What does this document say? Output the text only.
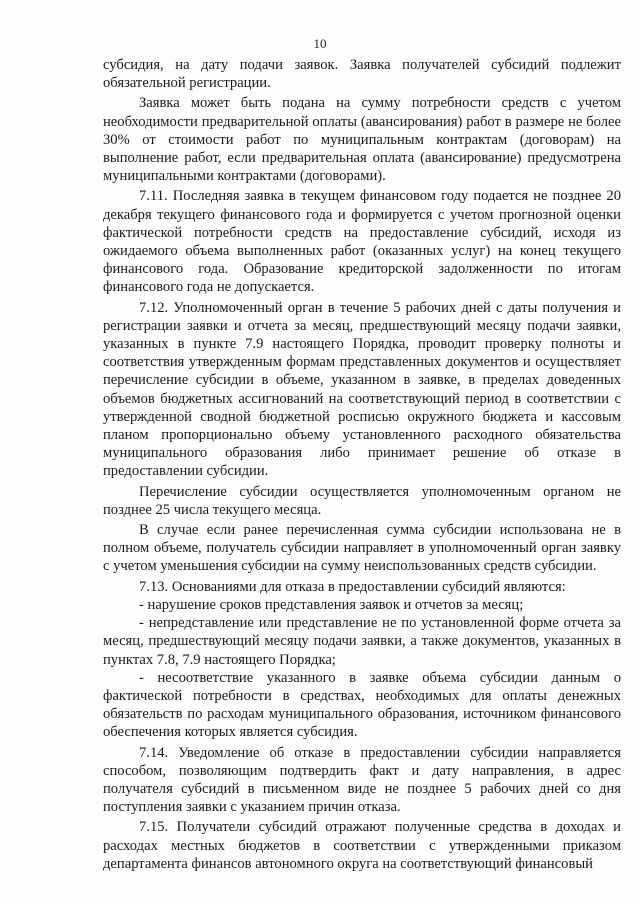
10

субсидия, на дату подачи заявок. Заявка получателей субсидий подлежит обязательной регистрации.

Заявка может быть подана на сумму потребности средств с учетом необходимости предварительной оплаты (авансирования) работ в размере не более 30% от стоимости работ по муниципальным контрактам (договорам) на выполнение работ, если предварительная оплата (авансирование) предусмотрена муниципальными контрактами (договорами).

7.11. Последняя заявка в текущем финансовом году подается не позднее 20 декабря текущего финансового года и формируется с учетом прогнозной оценки фактической потребности средств на предоставление субсидий, исходя из ожидаемого объема выполненных работ (оказанных услуг) на конец текущего финансового года. Образование кредиторской задолженности по итогам финансового года не допускается.

7.12. Уполномоченный орган в течение 5 рабочих дней с даты получения и регистрации заявки и отчета за месяц, предшествующий месяцу подачи заявки, указанных в пункте 7.9 настоящего Порядка, проводит проверку полноты и соответствия утвержденным формам представленных документов и осуществляет перечисление субсидии в объеме, указанном в заявке, в пределах доведенных объемов бюджетных ассигнований на соответствующий период в соответствии с утвержденной сводной бюджетной росписью окружного бюджета и кассовым планом пропорционально объему установленного расходного обязательства муниципального образования либо принимает решение об отказе в предоставлении субсидии.

Перечисление субсидии осуществляется уполномоченным органом не позднее 25 числа текущего месяца.

В случае если ранее перечисленная сумма субсидии использована не в полном объеме, получатель субсидии направляет в уполномоченный орган заявку с учетом уменьшения субсидии на сумму неиспользованных средств субсидии.

7.13. Основаниями для отказа в предоставлении субсидий являются:

- нарушение сроков представления заявок и отчетов за месяц;

- непредставление или представление не по установленной форме отчета за месяц, предшествующий месяцу подачи заявки, а также документов, указанных в пунктах 7.8, 7.9 настоящего Порядка;

- несоответствие указанного в заявке объема субсидии данным о фактической потребности в средствах, необходимых для оплаты денежных обязательств по расходам муниципального образования, источником финансового обеспечения которых является субсидия.

7.14. Уведомление об отказе в предоставлении субсидии направляется способом, позволяющим подтвердить факт и дату направления, в адрес получателя субсидий в письменном виде не позднее 5 рабочих дней со дня поступления заявки с указанием причин отказа.

7.15. Получатели субсидий отражают полученные средства в доходах и расходах местных бюджетов в соответствии с утвержденными приказом департамента финансов автономного округа на соответствующий финансовый
